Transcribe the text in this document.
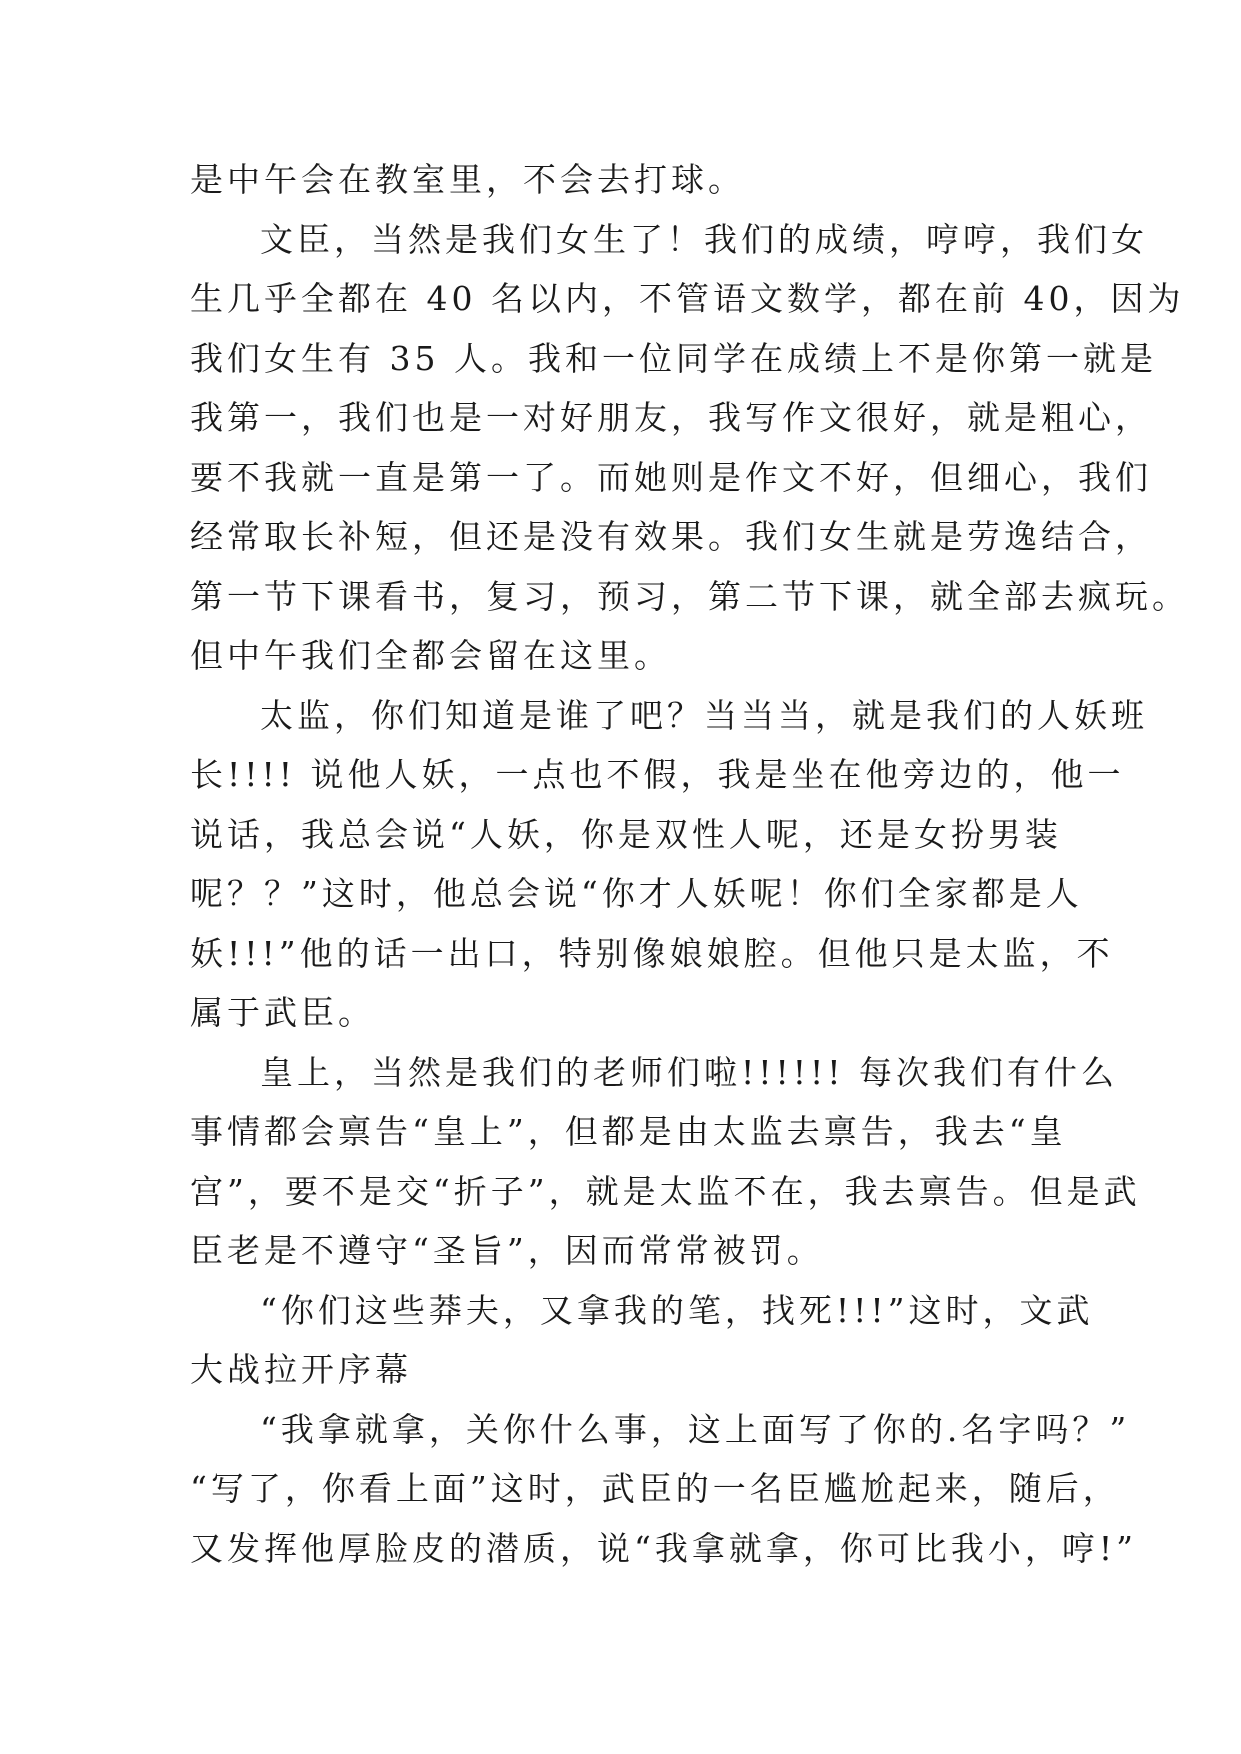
是中午会在教室里，不会去打球。
文臣，当然是我们女生了！我们的成绩，哼哼，我们女
生几乎全都在 40 名以内，不管语文数学，都在前 40，因为
我们女生有 35 人。我和一位同学在成绩上不是你第一就是
我第一，我们也是一对好朋友，我写作文很好，就是粗心，
要不我就一直是第一了。而她则是作文不好，但细心，我们
经常取长补短，但还是没有效果。我们女生就是劳逸结合，
第一节下课看书，复习，预习，第二节下课，就全部去疯玩。
但中午我们全都会留在这里。
太监，你们知道是谁了吧？当当当，就是我们的人妖班
长!!!! 说他人妖，一点也不假，我是坐在他旁边的，他一
说话，我总会说“人妖，你是双性人呢，还是女扮男装
呢？？”这时，他总会说“你才人妖呢！你们全家都是人
妖!!!”他的话一出口，特别像娘娘腔。但他只是太监，不
属于武臣。
皇上，当然是我们的老师们啦!!!!!! 每次我们有什么
事情都会禀告“皇上”，但都是由太监去禀告，我去“皇
宫”，要不是交“折子”，就是太监不在，我去禀告。但是武
臣老是不遵守“圣旨”，因而常常被罚。
“你们这些莽夫，又拿我的笔，找死!!!”这时，文武
大战拉开序幕
“我拿就拿，关你什么事，这上面写了你的.名字吗？”
“写了，你看上面”这时，武臣的一名臣尴尬起来，随后，
又发挥他厚脸皮的潜质，说“我拿就拿，你可比我小，哼!”
